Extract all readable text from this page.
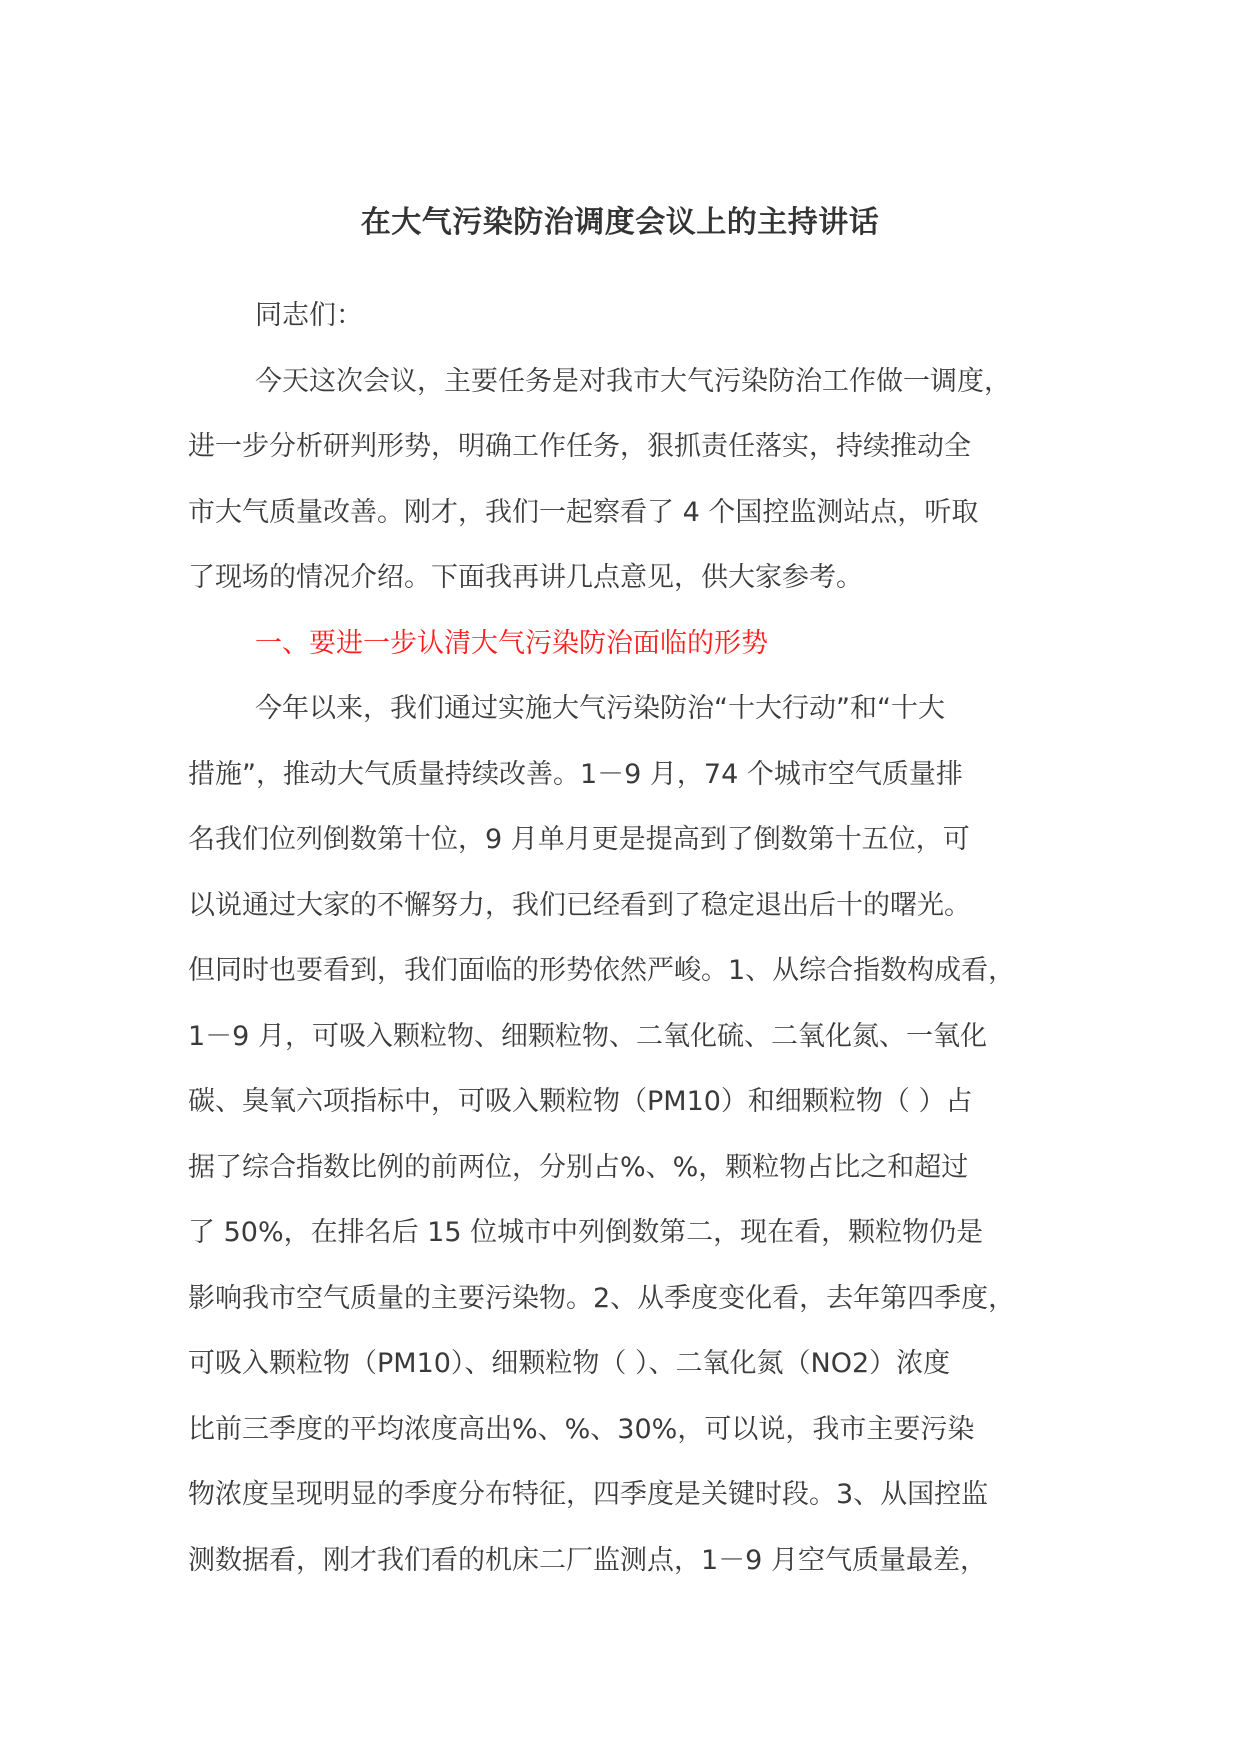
在大气污染防治调度会议上的主持讲话
同志们：
今天这次会议，主要任务是对我市大气污染防治工作做一调度，
进一步分析研判形势，明确工作任务，狠抓责任落实，持续推动全
市大气质量改善。刚才，我们一起察看了 4 个国控监测站点，听取
了现场的情况介绍。下面我再讲几点意见，供大家参考。
一、要进一步认清大气污染防治面临的形势
今年以来，我们通过实施大气污染防治“十大行动”和“十大
措施”，推动大气质量持续改善。1－9 月，74 个城市空气质量排
名我们位列倒数第十位，9 月单月更是提高到了倒数第十五位，可
以说通过大家的不懈努力，我们已经看到了稳定退出后十的曙光。
但同时也要看到，我们面临的形势依然严峻。1、从综合指数构成看，
1－9 月，可吸入颗粒物、细颗粒物、二氧化硫、二氧化氮、一氧化
碳、臭氧六项指标中，可吸入颗粒物（PM10）和细颗粒物（ ）占
据了综合指数比例的前两位，分别占%、%，颗粒物占比之和超过
了 50%，在排名后 15 位城市中列倒数第二，现在看，颗粒物仍是
影响我市空气质量的主要污染物。2、从季度变化看，去年第四季度，
可吸入颗粒物（PM10）、细颗粒物（ ）、二氧化氮（NO2）浓度
比前三季度的平均浓度高出%、%、30%，可以说，我市主要污染
物浓度呈现明显的季度分布特征，四季度是关键时段。3、从国控监
测数据看，刚才我们看的机床二厂监测点，1－9 月空气质量最差，
